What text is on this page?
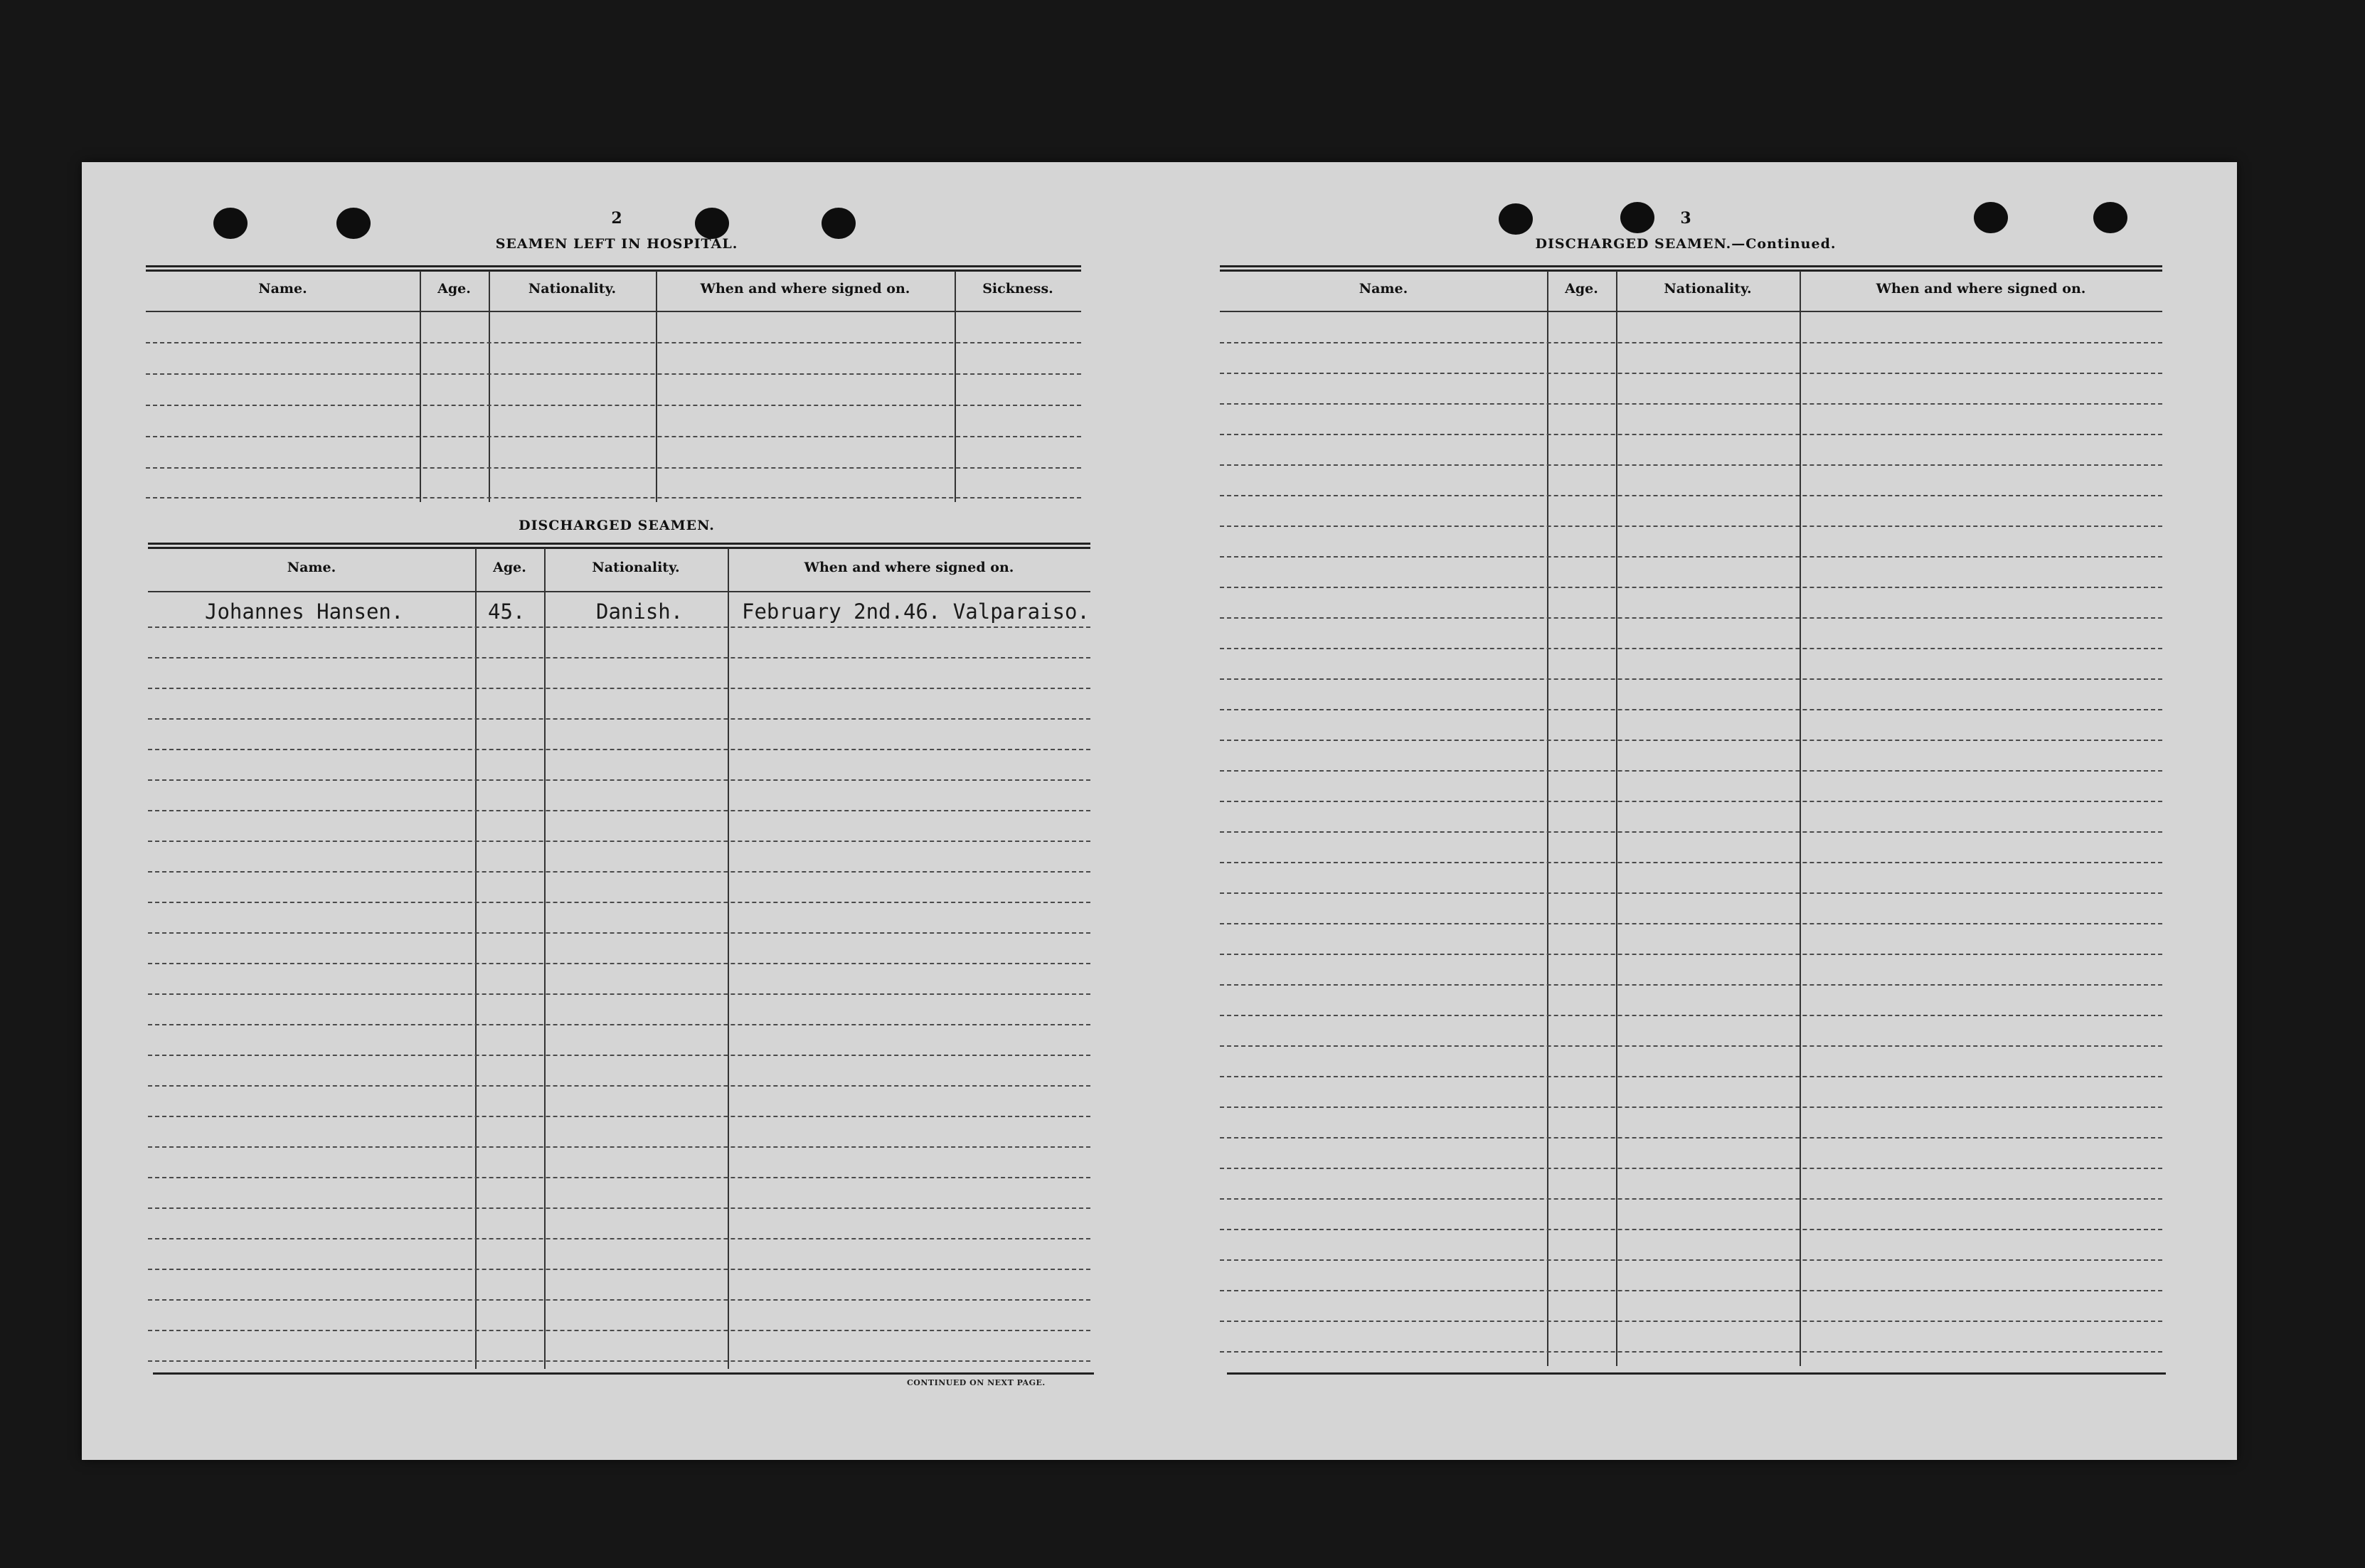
2
SEAMEN LEFT IN HOSPITAL.
Name.	Age.	Nationality.	When and where signed on.	Sickness.
DISCHARGED SEAMEN.
Name.	Age.	Nationality.	When and where signed on.
Johannes Hansen.	45.	Danish.	February 2nd.46. Valparaiso.
CONTINUED ON NEXT PAGE.
3
DISCHARGED SEAMEN.—Continued.
Name.	Age.	Nationality.	When and where signed on.
